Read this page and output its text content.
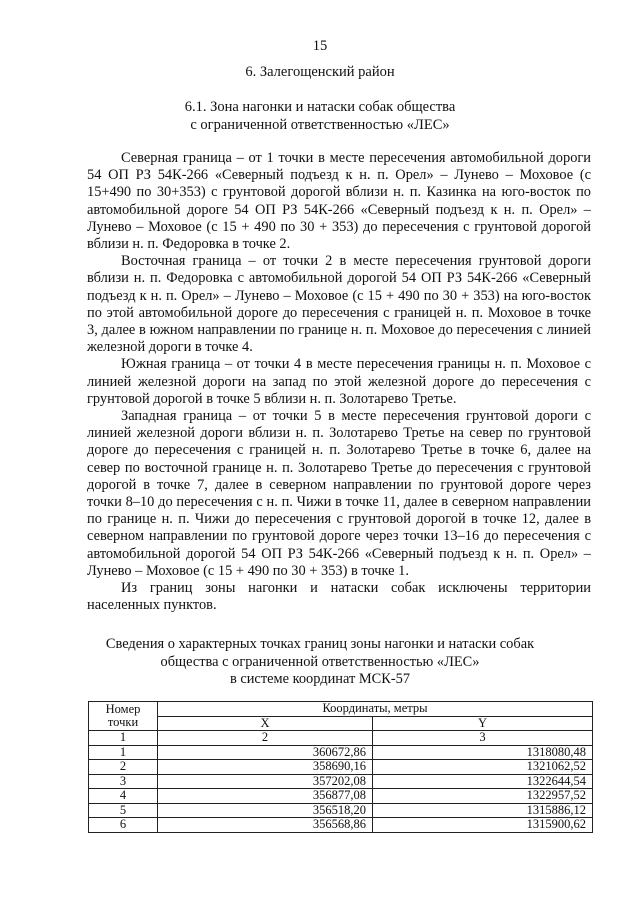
15
6. Залегощенский район
6.1. Зона нагонки и натаски собак общества
с ограниченной ответственностью «ЛЕС»

Северная граница – от 1 точки в месте пересечения автомобильной дороги 54 ОП РЗ 54К-266 «Северный подъезд к н. п. Орел» – Лунево – Моховое (с 15+490 по 30+353) с грунтовой дорогой вблизи н. п. Казинка на юго-восток по автомобильной дороге 54 ОП РЗ 54К-266 «Северный подъезд к н. п. Орел» – Лунево – Моховое (с 15 + 490 по 30 + 353) до пересечения с грунтовой дорогой вблизи н. п. Федоровка в точке 2.

Восточная граница – от точки 2 в месте пересечения грунтовой дороги вблизи н. п. Федоровка с автомобильной дорогой 54 ОП РЗ 54К-266 «Северный подъезд к н. п. Орел» – Лунево – Моховое (с 15 + 490 по 30 + 353) на юго-восток по этой автомобильной дороге до пересечения с границей н. п. Моховое в точке 3, далее в южном направлении по границе н. п. Моховое до пересечения с линией железной дороги в точке 4.

Южная граница – от точки 4 в месте пересечения границы н. п. Моховое с линией железной дороги на запад по этой железной дороге до пересечения с грунтовой дорогой в точке 5 вблизи н. п. Золотарево Третье.

Западная граница – от точки 5 в месте пересечения грунтовой дороги с линией железной дороги вблизи н. п. Золотарево Третье на север по грунтовой дороге до пересечения с границей н. п. Золотарево Третье в точке 6, далее на север по восточной границе н. п. Золотарево Третье до пересечения с грунтовой дорогой в точке 7, далее в северном направлении по грунтовой дороге через точки 8–10 до пересечения с н. п. Чижи в точке 11, далее в северном направлении по границе н. п. Чижи до пересечения с грунтовой дорогой в точке 12, далее в северном направлении по грунтовой дороге через точки 13–16 до пересечения с автомобильной дорогой 54 ОП РЗ 54К-266 «Северный подъезд к н. п. Орел» – Лунево – Моховое (с 15 + 490 по 30 + 353) в точке 1.

Из границ зоны нагонки и натаски собак исключены территории населенных пунктов.

Сведения о характерных точках границ зоны нагонки и натаски собак
общества с ограниченной ответственностью «ЛЕС»
в системе координат МСК-57
Номер точки	Координаты, метры	
	X	Y
1	2	3
1	360672,86	1318080,48
2	358690,16	1321062,52
3	357202,08	1322644,54
4	356877,08	1322957,52
5	356518,20	1315886,12
6	356568,86	1315900,62
